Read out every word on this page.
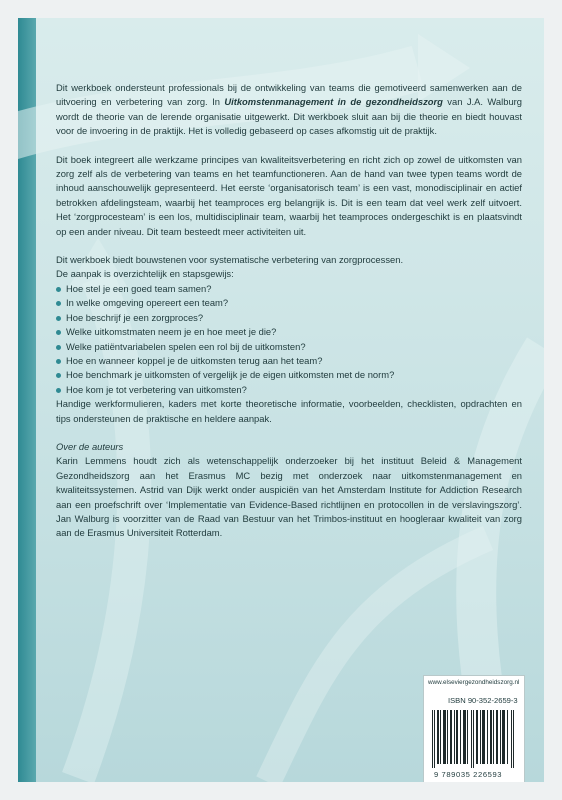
Dit werkboek ondersteunt professionals bij de ontwikkeling van teams die gemotiveerd samenwerken aan de uitvoering en verbetering van zorg. In Uitkomstenmanagement in de gezondheidszorg van J.A. Walburg wordt de theorie van de lerende organisatie uitgewerkt. Dit werkboek sluit aan bij die theorie en biedt houvast voor de invoering in de praktijk. Het is volledig gebaseerd op cases afkomstig uit de praktijk.

Dit boek integreert alle werkzame principes van kwaliteitsverbetering en richt zich op zowel de uitkomsten van zorg zelf als de verbetering van teams en het teamfunctioneren. Aan de hand van twee typen teams wordt de inhoud aanschouwelijk gepresenteerd. Het eerste ‘organisatorisch team’ is een vast, monodisciplinair en actief betrokken afdelingsteam, waarbij het teamproces erg belangrijk is. Dit is een team dat veel werk zelf uitvoert. Het ‘zorgprocesteam’ is een los, multidisciplinair team, waarbij het teamproces ondergeschikt is en plaatsvindt op een ander niveau. Dit team besteedt meer activiteiten uit.

Dit werkboek biedt bouwstenen voor systematische verbetering van zorgprocessen.
De aanpak is overzichtelijk en stapsgewijs:
Hoe stel je een goed team samen?
In welke omgeving opereert een team?
Hoe beschrijf je een zorgproces?
Welke uitkomstmaten neem je en hoe meet je die?
Welke patiëntvariabelen spelen een rol bij de uitkomsten?
Hoe en wanneer koppel je de uitkomsten terug aan het team?
Hoe benchmark je uitkomsten of vergelijk je de eigen uitkomsten met de norm?
Hoe kom je tot verbetering van uitkomsten?

Handige werkformulieren, kaders met korte theoretische informatie, voorbeelden, checklisten, opdrachten en tips ondersteunen de praktische en heldere aanpak.

Over de auteurs

Karin Lemmens houdt zich als wetenschappelijk onderzoeker bij het instituut Beleid & Management Gezondheidszorg aan het Erasmus MC bezig met onderzoek naar uitkomstenmanagement en kwaliteitssystemen. Astrid van Dijk werkt onder auspiciën van het Amsterdam Institute for Addiction Research aan een proefschrift over ‘Implementatie van Evidence-Based richtlijnen en protocollen in de verslavingszorg’. Jan Walburg is voorzitter van de Raad van Bestuur van het Trimbos-instituut en hoogleraar kwaliteit van zorg aan de Erasmus Universiteit Rotterdam.

www.elseviergezondheidszorg.nl
ISBN 90-352-2659-3
9 789035 226593
